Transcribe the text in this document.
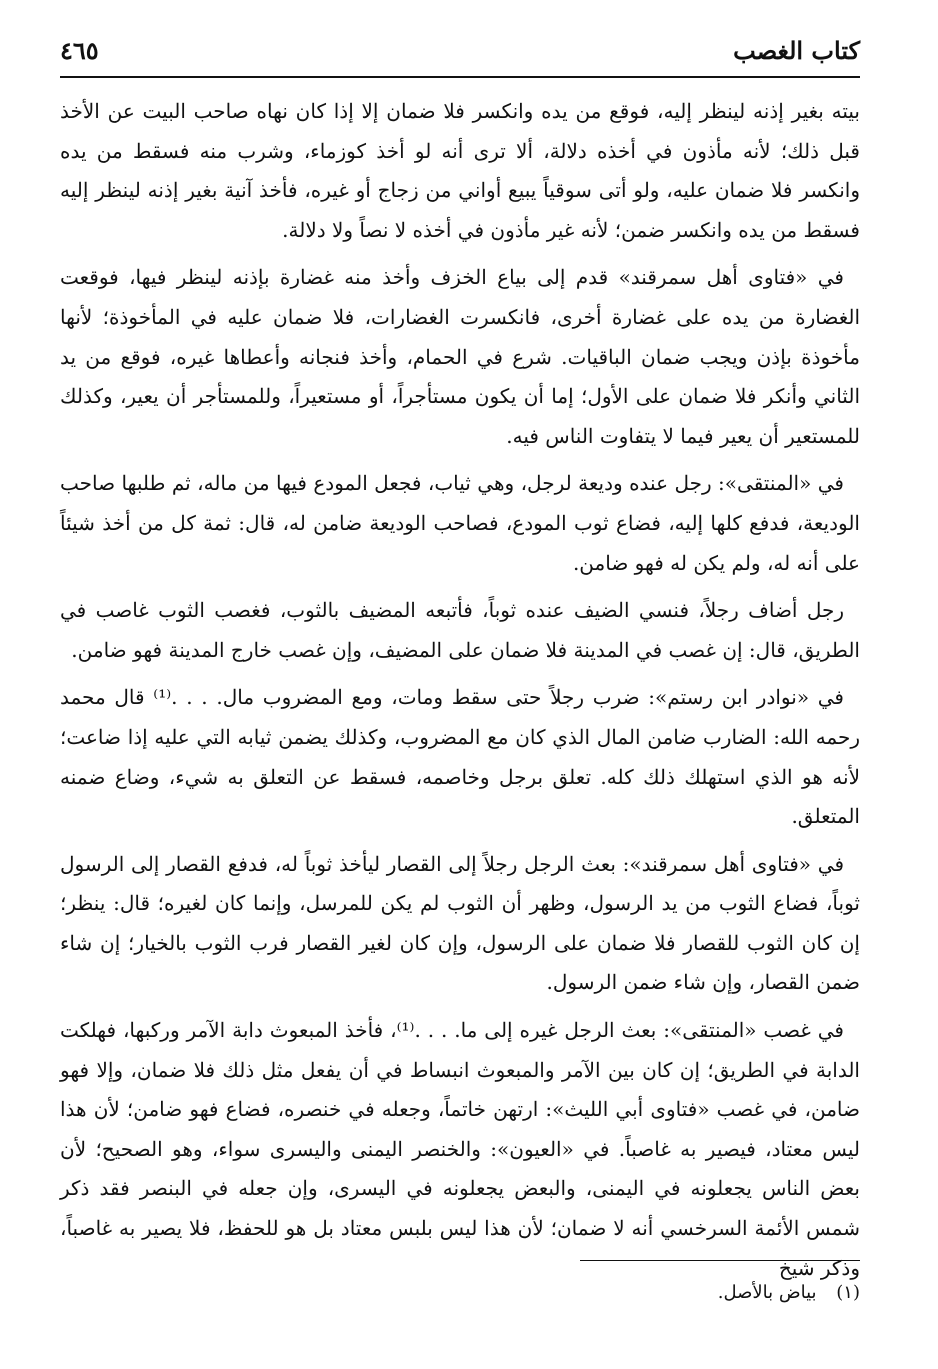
كتاب الغصب
٤٦٥

بيته بغير إذنه لينظر إليه، فوقع من يده وانكسر فلا ضمان إلا إذا كان نهاه صاحب البيت عن الأخذ قبل ذلك؛ لأنه مأذون في أخذه دلالة، ألا ترى أنه لو أخذ كوزماء، وشرب منه فسقط من يده وانكسر فلا ضمان عليه، ولو أتى سوقياً يبيع أواني من زجاج أو غيره، فأخذ آنية بغير إذنه لينظر إليه فسقط من يده وانكسر ضمن؛ لأنه غير مأذون في أخذه لا نصاً ولا دلالة.

في «فتاوى أهل سمرقند» قدم إلى بياع الخزف وأخذ منه غضارة بإذنه لينظر فيها، فوقعت الغضارة من يده على غضارة أخرى، فانكسرت الغضارات، فلا ضمان عليه في المأخوذة؛ لأنها مأخوذة بإذن ويجب ضمان الباقيات. شرع في الحمام، وأخذ فنجانه وأعطاها غيره، فوقع من يد الثاني وأنكر فلا ضمان على الأول؛ إما أن يكون مستأجراً، أو مستعيراً، وللمستأجر أن يعير، وكذلك للمستعير أن يعير فيما لا يتفاوت الناس فيه.

في «المنتقى»: رجل عنده وديعة لرجل، وهي ثياب، فجعل المودع فيها من ماله، ثم طلبها صاحب الوديعة، فدفع كلها إليه، فضاع ثوب المودع، فصاحب الوديعة ضامن له، قال: ثمة كل من أخذ شيئاً على أنه له، ولم يكن له فهو ضامن.

رجل أضاف رجلاً، فنسي الضيف عنده ثوباً، فأتبعه المضيف بالثوب، فغصب الثوب غاصب في الطريق، قال: إن غصب في المدينة فلا ضمان على المضيف، وإن غصب خارج المدينة فهو ضامن.

في «نوادر ابن رستم»: ضرب رجلاً حتى سقط ومات، ومع المضروب مال. . . .⁽¹⁾ قال محمد رحمه الله: الضارب ضامن المال الذي كان مع المضروب، وكذلك يضمن ثيابه التي عليه إذا ضاعت؛ لأنه هو الذي استهلك ذلك كله. تعلق برجل وخاصمه، فسقط عن التعلق به شيء، وضاع ضمنه المتعلق.

في «فتاوى أهل سمرقند»: بعث الرجل رجلاً إلى القصار ليأخذ ثوباً له، فدفع القصار إلى الرسول ثوباً، فضاع الثوب من يد الرسول، وظهر أن الثوب لم يكن للمرسل، وإنما كان لغيره؛ قال: ينظر؛ إن كان الثوب للقصار فلا ضمان على الرسول، وإن كان لغير القصار فرب الثوب بالخيار؛ إن شاء ضمن القصار، وإن شاء ضمن الرسول.

في غصب «المنتقى»: بعث الرجل غيره إلى ما. . . .⁽¹⁾، فأخذ المبعوث دابة الآمر وركبها، فهلكت الدابة في الطريق؛ إن كان بين الآمر والمبعوث انبساط في أن يفعل مثل ذلك فلا ضمان، وإلا فهو ضامن، في غصب «فتاوى أبي الليث»: ارتهن خاتماً، وجعله في خنصره، فضاع فهو ضامن؛ لأن هذا ليس معتاد، فيصير به غاصباً. في «العيون»: والخنصر اليمنى واليسرى سواء، وهو الصحيح؛ لأن بعض الناس يجعلونه في اليمنى، والبعض يجعلونه في اليسرى، وإن جعله في البنصر فقد ذكر شمس الأئمة السرخسي أنه لا ضمان؛ لأن هذا ليس بلبس معتاد بل هو للحفظ، فلا يصير به غاصباً، وذكر شيخ

(١) بياض بالأصل.
